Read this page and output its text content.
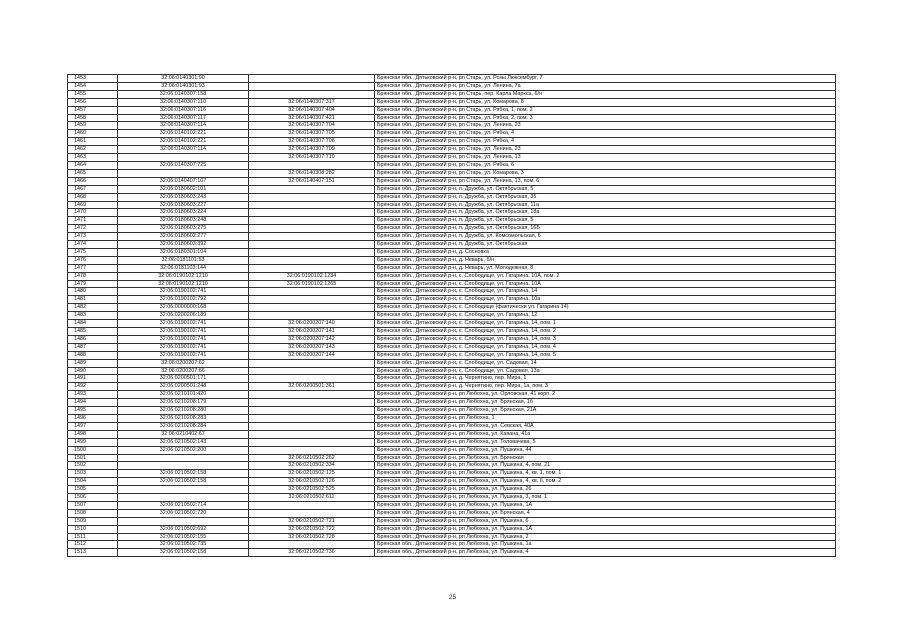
1453	32:06:0140301:90		Брянская обл., Дятьковский р-н, рп Старь, ул. Розы Люксембург, 7
1454	32:06:0140301:93		Брянская обл., Дятьковский р-н, рп Старь, ул. Ленина, 7а
1455	32:06:0140307:158		Брянская обл., Дятьковский р-н, рп Старь, пер. Карла Маркса, 6/н
1456	32:06:0140307:110	32:06:0140307:317	Брянская обл., Дятьковский р-н, рп Старь, ул. Комарова, 8
1457	32:06:0140307:116	32:06:0140307:404	Брянская обл., Дятьковский р-н, рп Старь, ул. Рябка, 1, пом. 2
1458	32:06:0140307:117	32:06:0140307:421	Брянская обл., Дятьковский р-н, рп Старь, ул. Рябка, 2, пом. 3
1459	32:06:0140307:114	32:06:0140307:704	Брянская обл., Дятьковский р-н, рп Старь, ул. Ленина, 23
1460	32:06:0140102:221	32:06:0140307:705	Брянская обл., Дятьковский р-н, рп Старь, ул. Рябка, 4
1461	32:06:0140102:221	32:06:0140307:706	Брянская обл., Дятьковский р-н, рп Старь, ул. Рябка, 4
1462	32:06:0140307:114	32:06:0140307:709	Брянская обл., Дятьковский р-н, рп Старь, ул. Ленина, 23
1463		32:06:0140307:710	Брянская обл., Дятьковский р-н, рп Старь, ул. Ленина, 13
1464	32:06:0140307:725		Брянская обл., Дятьковский р-н, рп Старь, ул. Рябка, 6
1465		32:06:0140308:282	Брянская обл., Дятьковский р-н, рп Старь, ул. Комарова, 3
1466	32:06:0140407:107	32:06:0140407:151	Брянская обл., Дятьковский р-н, рп Старь, ул. Ленина, 13, пом. 6
1467	32:06:0180602:101		Брянская обл., Дятьковский р-н, п. Дружба, ул. Октябрьская, 5
1468	32:06:0180603:243		Брянская обл., Дятьковский р-н, п. Дружба, ул. Октябрьская, 35
1469	32:06:0180603:227		Брянская обл., Дятьковский р-н, п. Дружба, ул. Октябрьская, 11а
1470	32:06:0180603:224		Брянская обл., Дятьковский р-н, п. Дружба, ул. Октябрьская, 18а
1471	32:06:0180603:248		Брянская обл., Дятьковский р-н, п. Дружба, ул. Октябрьская, 5
1472	32:06:0180603:275		Брянская обл., Дятьковский р-н, п. Дружба, ул. Октябрьская, 16Б
1473	32:06:0180602:277		Брянская обл., Дятьковский р-н, п. Дружба, ул. Комсомольская, 6
1474	32:06:0180603:392		Брянская обл., Дятьковский р-н, п. Дружба, ул. Октябрьская
1475	32:06:0180301:104		Брянская обл., Дятьковский р-н, д. Сосновка
1476	32:06:0181101:53		Брянская обл., Дятьковский р-н, д. Неварь, б/н
1477	32:06:0181103:144		Брянская обл., Дятьковский р-н, д. Неварь, ул. Молодежная, 8
1478	32:06:0190102:1210	32:06:0190102:1234	Брянская обл., Дятьковский р-н, с. Слободище, ул. Гагарина, 10А, пом. 2
1479	32:06:0190102:1210	32:06:0190102:1265	Брянская обл., Дятьковский р-н, с. Слободище, ул. Гагарина, 10А
1480	32:06:0190102:741		Брянская обл., Дятьковский р-н, с. Слободище, ул. Гагарина, 14
1481	32:06:0190102:792		Брянская обл., Дятьковский р-н, с. Слободище, ул. Гагарина, 10а
1482	32:06:0000000:168		Брянская обл., Дятьковский р-н, с. Слободище (фактически ул. Гагарина 14)
1483	32:06:0200206:189		Брянская обл., Дятьковский р-н, с. Слободище, ул. Гагарина, 12
1484	32:06:0190102:741	32:06:0200207:140	Брянская обл., Дятьковский р-н, с. Слободище, ул. Гагарина, 14, пом. 1
1485	32:06:0190102:741	32:06:0200207:141	Брянская обл., Дятьковский р-н, с. Слободище, ул. Гагарина, 14, пом. 2
1486	32:06:0190102:741	32:06:0200207:142	Брянская обл., Дятьковский р-н, с. Слободище, ул. Гагарина, 14, пом. 3
1487	32:06:0190102:741	32:06:0200207:143	Брянская обл., Дятьковский р-н, с. Слободище, ул. Гагарина, 14, пом. 4
1488	32:06:0190102:741	32:06:0200207:144	Брянская обл., Дятьковский р-н, с. Слободище, ул. Гагарина, 14, пом. 5
1489	32:06:0200207:62		Брянская обл., Дятьковский р-н, с. Слободище, ул. Садовая, 14
1490	32:06:0200207:66		Брянская обл., Дятьковский р-н, с. Слободище, ул. Садовая, 13а
1491	32:06:0200501:171		Брянская обл., Дятьковский р-н, д. Чернятино, пер. Мира, 1
1492	32:06:0200501:248	32:06:0200501:361	Брянская обл., Дятьковский р-н, д. Чернятино, пер. Мира, 1а, пом. 3
1493	32:06:0210101:420		Брянская обл., Дятьковский р-н, рп Любохна, ул. Орловская, 41 корп. 2
1494	32:06:0210208:179		Брянская обл., Дятьковский р-н, рп Любохна, ул. Брянская, 1б
1495	32:06:0210208:280		Брянская обл., Дятьковский р-н, рп Любохна, ул. Брянская, 21А
1496	32:06:0210208:283		Брянская обл., Дятьковский р-н, рп Любохна, 1
1497	32:06:0210208:284		Брянская обл., Дятьковский р-н, рп Любохна, ул. Севская, 40А
1498	32:06:0210402:67		Брянская обл., Дятьковский р-н, рп Любохна, ул. Каяана, 41а
1499	32:06:0210502:143		Брянская обл., Дятьковский р-н, рп Любохна, ул. Толовачева, 5
1500	32:06:0210502:200		Брянская обл., Дятьковский р-н, рп Любохна, ул. Пушкина, 44
1501		32:06:0210502:262	Брянская обл., Дятьковский р-н, рп Любохна, ул. Брянская
1502		32:06:0210502:334	Брянская обл., Дятьковский р-н, рп Любохна, ул. Пушкина, 4, пом. 21
1503	32:06:0210502:158	32:06:0210502:125	Брянская обл., Дятьковский р-н, рп Любохна, ул. Пушкина, 4, кв. 1, пом. 1
1504	32:06:0210502:158	32:06:0210502:126	Брянская обл., Дятьковский р-н, рп Любохна, ул. Пушкина, 4, кв. II, пом. 2
1505		32:06:0210502:525	Брянская обл., Дятьковский р-н, рп Любохна, ул. Пушкина, 26
1506		32:06:0210502:611	Брянская обл., Дятьковский р-н, рп Любохна, ул. Пушкина, 3, пом. 1
1507	32:06:0210502:714		Брянская обл., Дятьковский р-н, рп Любохна, ул. Пушкина, 1А
1508	32:06:0210502:720		Брянская обл., Дятьковский р-н, рп Любохна, ул. Брянская, 4
1509		32:06:0210502:721	Брянская обл., Дятьковский р-н, рп Любохна, ул. Пушкина, 6
1510	32:06:0210502:692	32:06:0210502:722	Брянская обл., Дятьковский р-н, рп Любохна, ул. Пушкина, 1А
1511	32:06:0210502:155	32:06:0210502:728	Брянская обл., Дятьковский р-н, рп Любохна, ул. Пушкина, 2
1512	32:06:0210502:735		Брянская обл., Дятьковский р-н, рп Любохна, ул. Пушкина, 1а
1513	32:06:0210502:158	32:06:0210502:736	Брянская обл., Дятьковский р-н, рп Любохна, ул. Пушкина, 4
25
